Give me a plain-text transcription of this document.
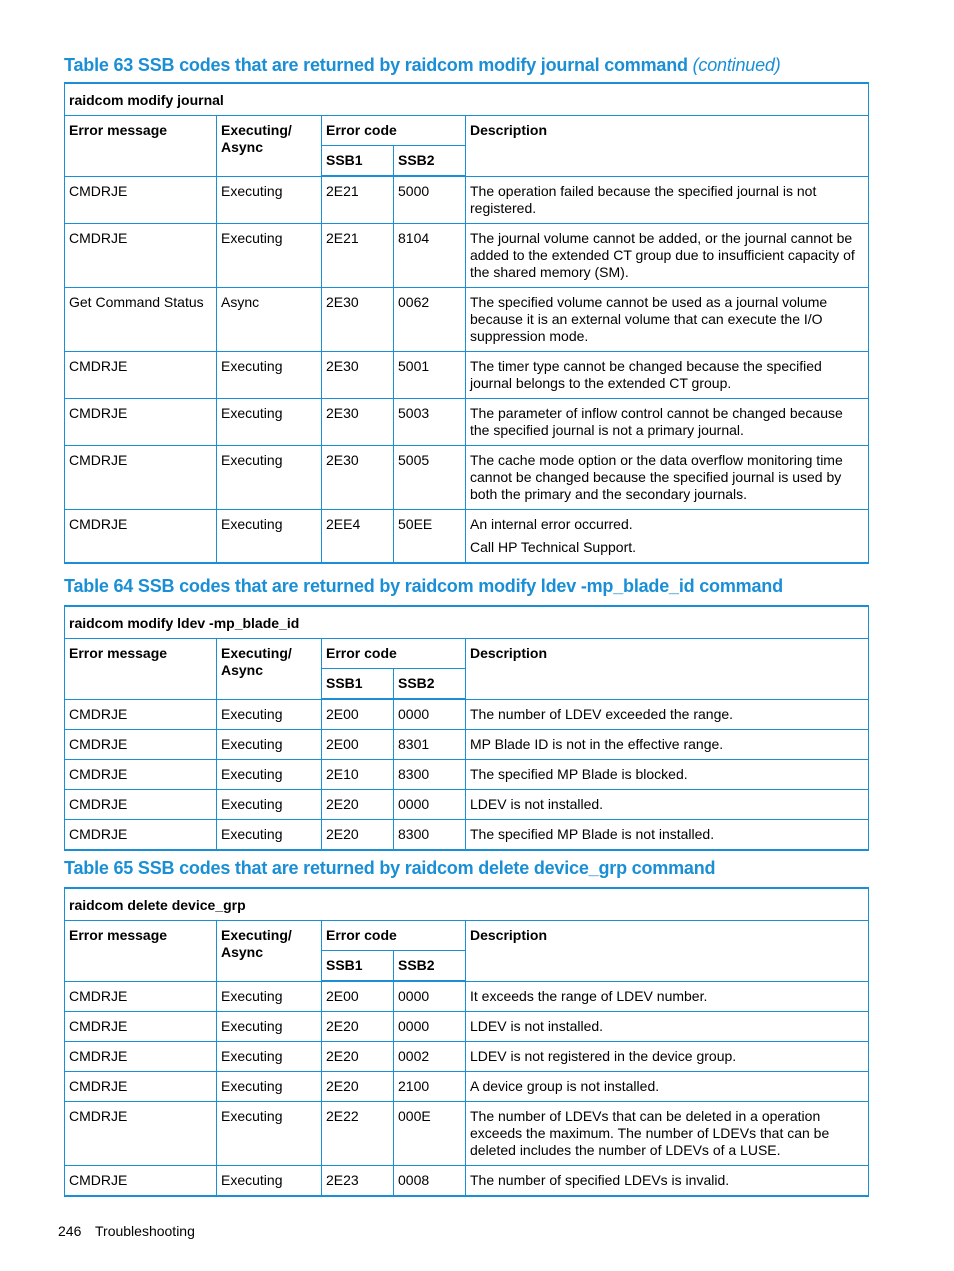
Table 63 SSB codes that are returned by raidcom modify journal command (continued)
raidcom modify journal				
Error message	Executing/ Async	Error code		Description
		SSB1	SSB2	
CMDRJE	Executing	2E21	5000	The operation failed because the specified journal is not registered.

CMDRJE	Executing	2E21	8104	The journal volume cannot be added, or the journal cannot be added to the extended CT group due to insufficient capacity of the shared memory (SM).

Get Command Status	Async	2E30	0062	The specified volume cannot be used as a journal volume because it is an external volume that can execute the I/O suppression mode.

CMDRJE	Executing	2E30	5001	The timer type cannot be changed because the specified journal belongs to the extended CT group.

CMDRJE	Executing	2E30	5003	The parameter of inflow control cannot be changed because the specified journal is not a primary journal.

CMDRJE	Executing	2E30	5005	The cache mode option or the data overflow monitoring time cannot be changed because the specified journal is used by both the primary and the secondary journals.

CMDRJE	Executing	2EE4	50EE	An internal error occurred.
Call HP Technical Support.
Table 64 SSB codes that are returned by raidcom modify ldev -mp_blade_id command
raidcom modify ldev -mp_blade_id				
Error message	Executing/ Async	Error code		Description
		SSB1	SSB2	
CMDRJE	Executing	2E00	0000	The number of LDEV exceeded the range.

CMDRJE	Executing	2E00	8301	MP Blade ID is not in the effective range.

CMDRJE	Executing	2E10	8300	The specified MP Blade is blocked.

CMDRJE	Executing	2E20	0000	LDEV is not installed.

CMDRJE	Executing	2E20	8300	The specified MP Blade is not installed.
Table 65 SSB codes that are returned by raidcom delete device_grp command
raidcom delete device_grp				
Error message	Executing/ Async	Error code		Description
		SSB1	SSB2	
CMDRJE	Executing	2E00	0000	It exceeds the range of LDEV number.

CMDRJE	Executing	2E20	0000	LDEV is not installed.

CMDRJE	Executing	2E20	0002	LDEV is not registered in the device group.

CMDRJE	Executing	2E20	2100	A device group is not installed.

CMDRJE	Executing	2E22	000E	The number of LDEVs that can be deleted in a operation exceeds the maximum. The number of LDEVs that can be deleted includes the number of LDEVs of a LUSE.

CMDRJE	Executing	2E23	0008	The number of specified LDEVs is invalid.
246 Troubleshooting
